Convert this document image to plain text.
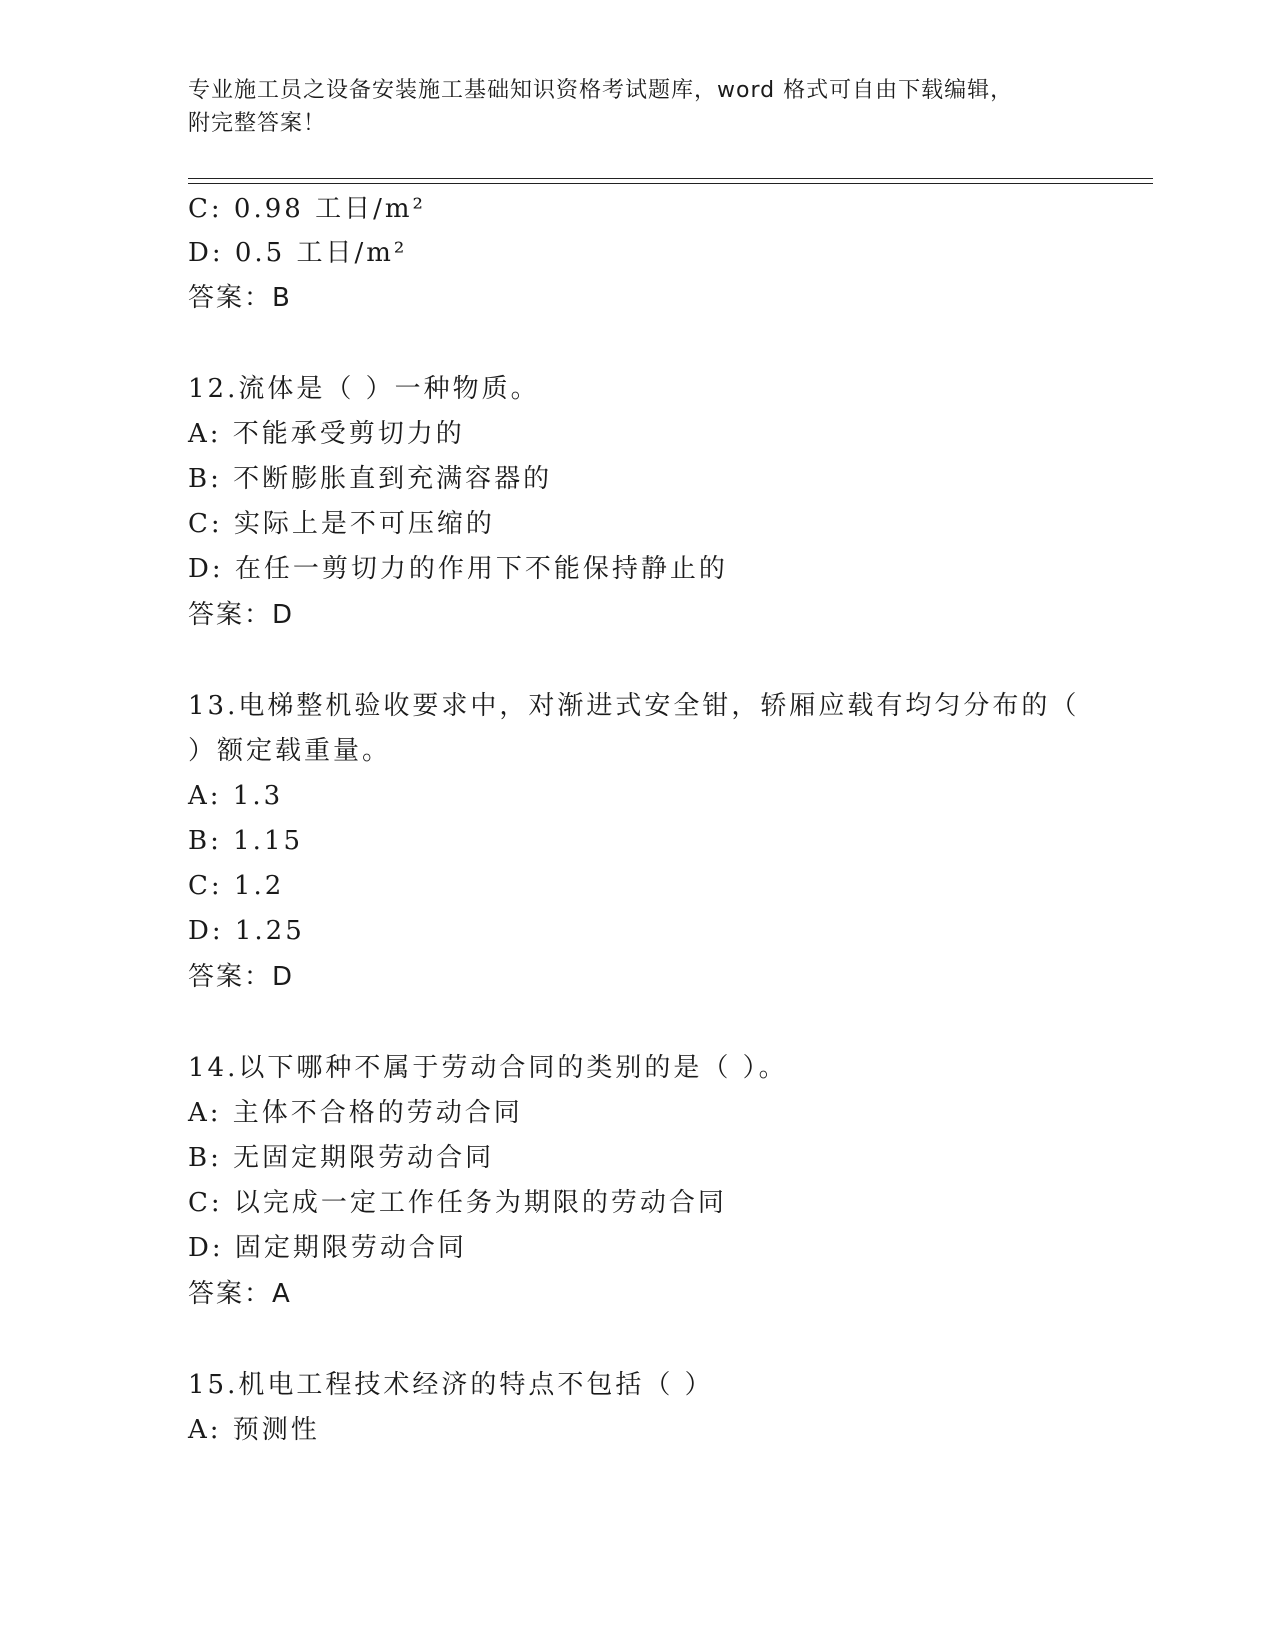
专业施工员之设备安装施工基础知识资格考试题库，word 格式可自由下载编辑，
附完整答案！
C: 0.98 工日/m²
D: 0.5 工日/m²
答案：B
12.流体是（ ）一种物质。
A: 不能承受剪切力的
B: 不断膨胀直到充满容器的
C: 实际上是不可压缩的
D: 在任一剪切力的作用下不能保持静止的
答案：D
13.电梯整机验收要求中，对渐进式安全钳，轿厢应载有均匀分布的（
）额定载重量。
A: 1.3
B: 1.15
C: 1.2
D: 1.25
答案：D
14.以下哪种不属于劳动合同的类别的是（ ）。
A: 主体不合格的劳动合同
B: 无固定期限劳动合同
C: 以完成一定工作任务为期限的劳动合同
D: 固定期限劳动合同
答案：A
15.机电工程技术经济的特点不包括（ ）
A: 预测性
